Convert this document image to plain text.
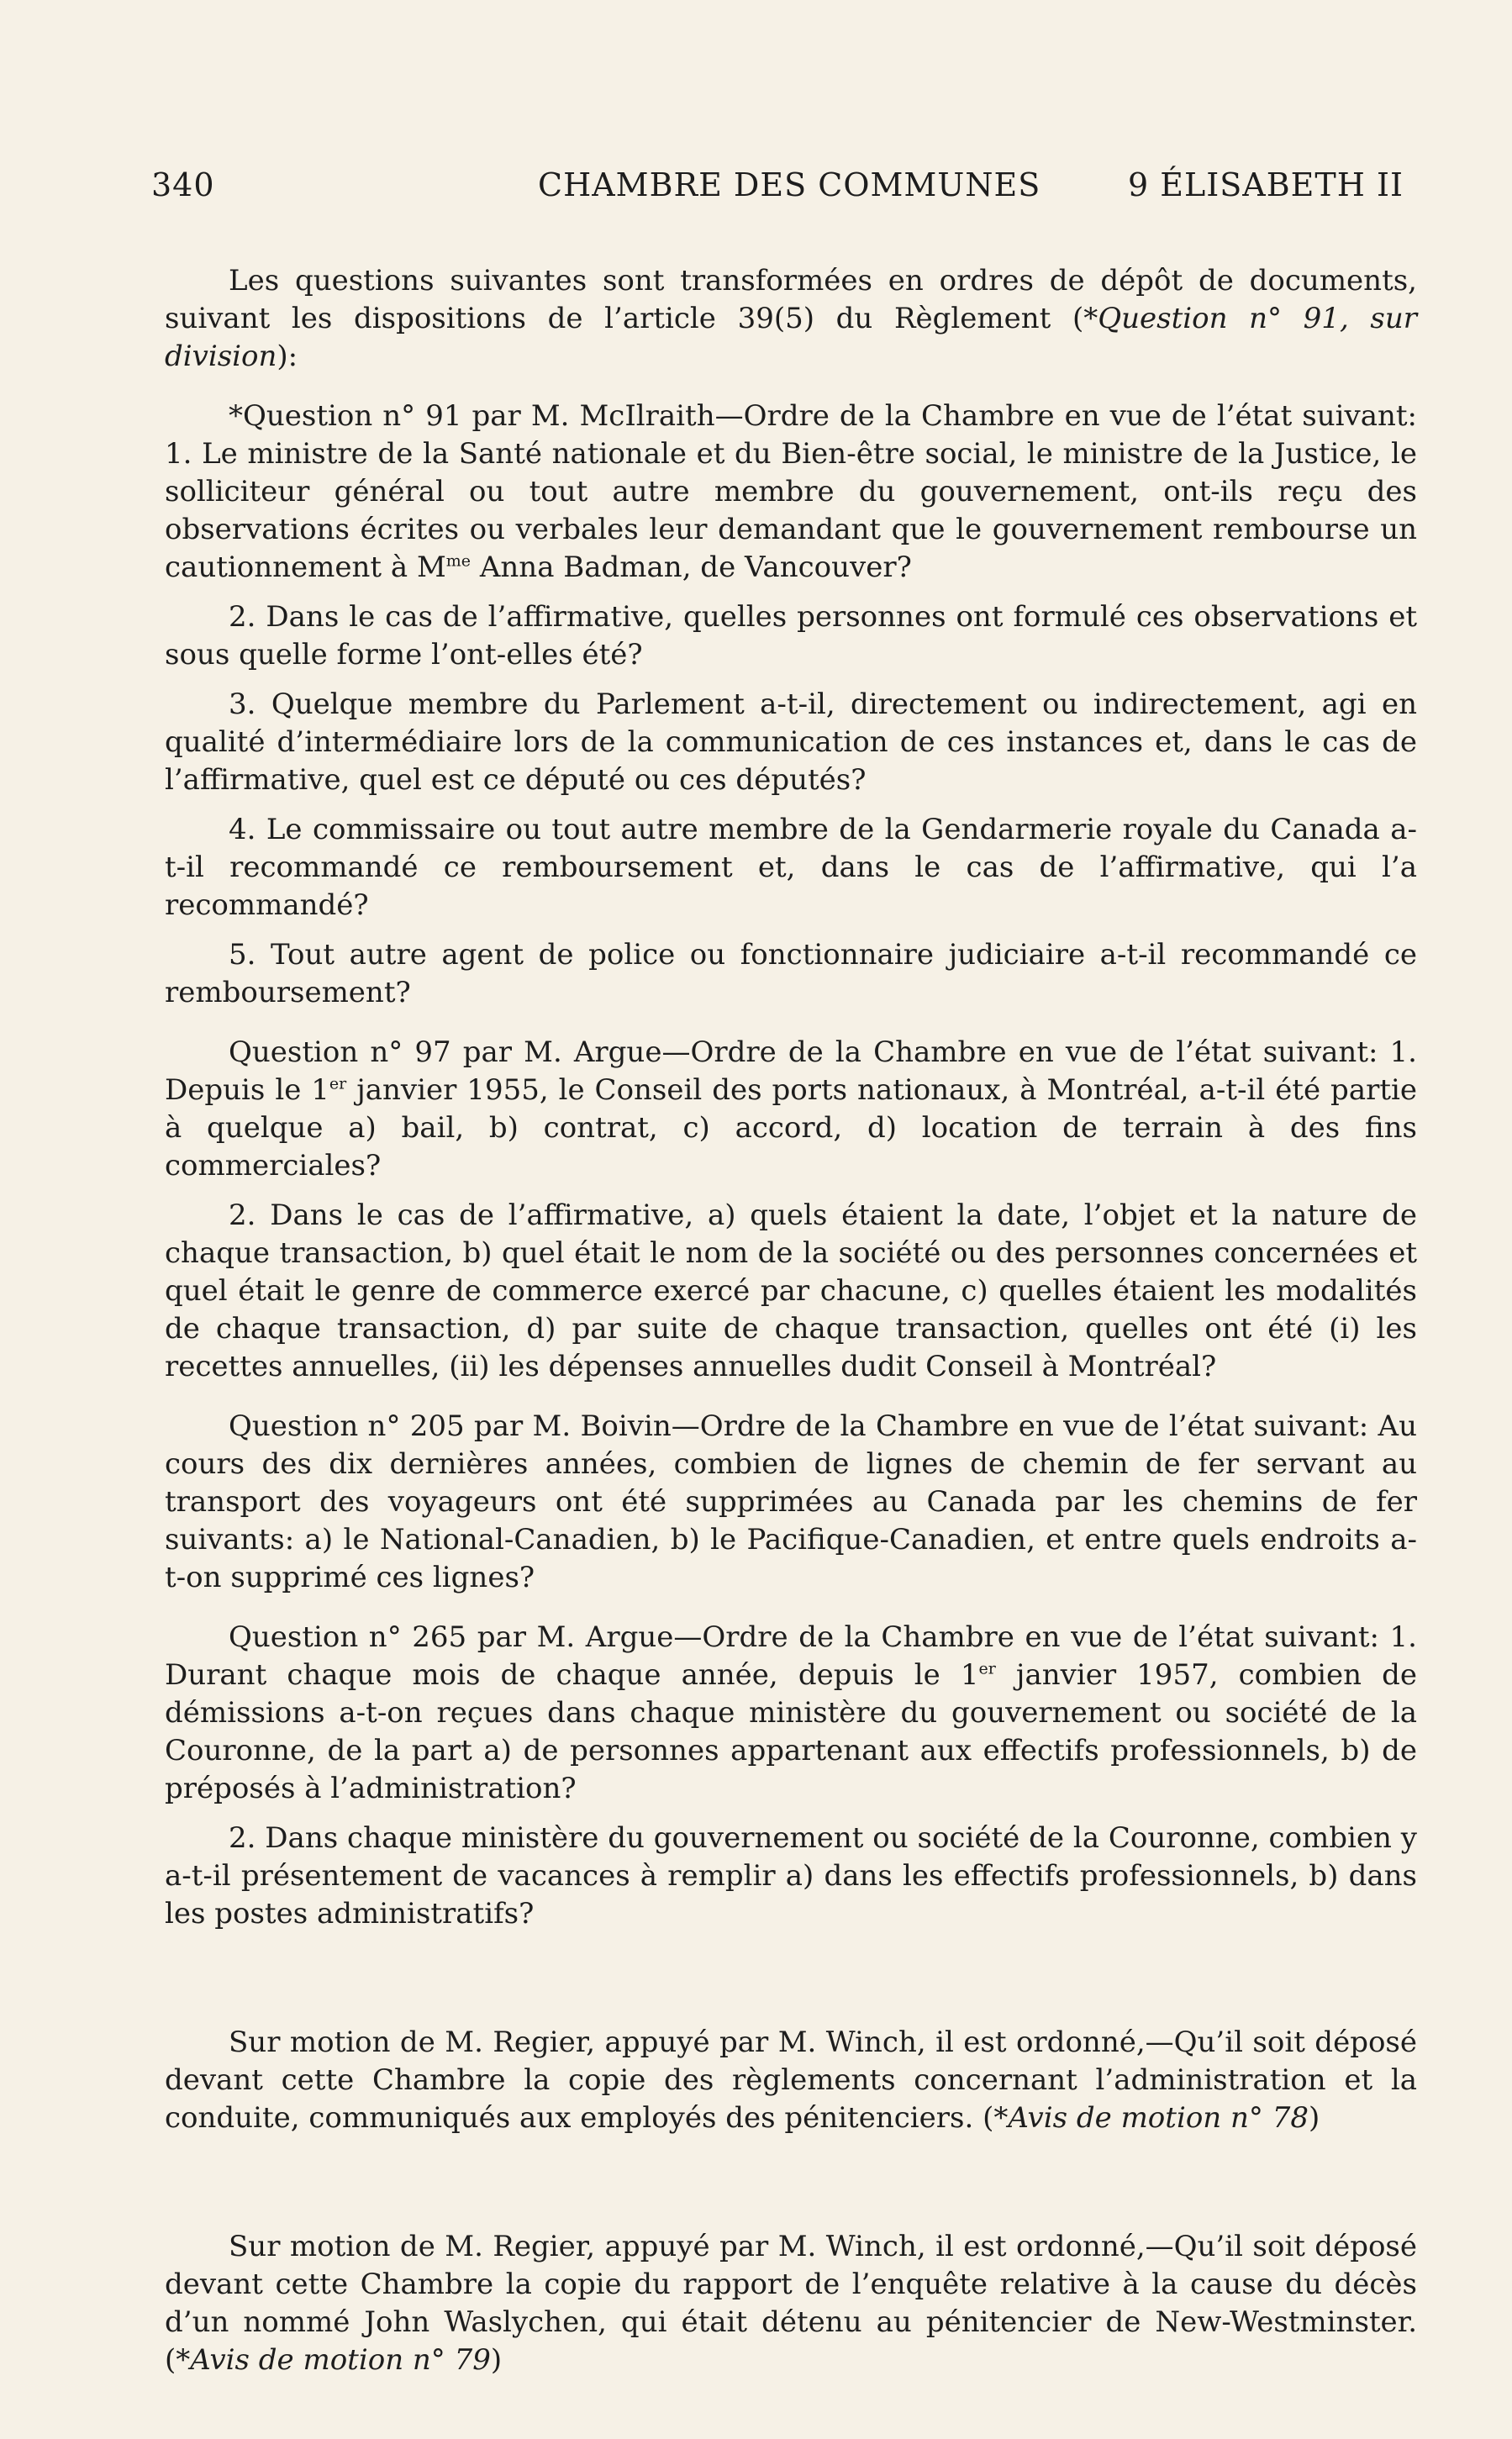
340	CHAMBRE DES COMMUNES	9 ÉLISABETH II

Les questions suivantes sont transformées en ordres de dépôt de documents, suivant les dispositions de l’article 39(5) du Règlement (*Question n° 91, sur division):

*Question n° 91 par M. McIlraith—Ordre de la Chambre en vue de l’état suivant: 1. Le ministre de la Santé nationale et du Bien-être social, le ministre de la Justice, le solliciteur général ou tout autre membre du gouvernement, ont-ils reçu des observations écrites ou verbales leur demandant que le gouvernement rembourse un cautionnement à $M^{me}$ Anna Badman, de Vancouver?

2. Dans le cas de l’affirmative, quelles personnes ont formulé ces observations et sous quelle forme l’ont-elles été?

3. Quelque membre du Parlement a-t-il, directement ou indirectement, agi en qualité d’intermédiaire lors de la communication de ces instances et, dans le cas de l’affirmative, quel est ce député ou ces députés?

4. Le commissaire ou tout autre membre de la Gendarmerie royale du Canada a-t-il recommandé ce remboursement et, dans le cas de l’affirmative, qui l’a recommandé?

5. Tout autre agent de police ou fonctionnaire judiciaire a-t-il recommandé ce remboursement?

Question n° 97 par M. Argue—Ordre de la Chambre en vue de l’état suivant: 1. Depuis le 1er janvier 1955, le Conseil des ports nationaux, à Montréal, a-t-il été partie à quelque a) bail, b) contrat, c) accord, d) location de terrain à des fins commerciales?

2. Dans le cas de l’affirmative, a) quels étaient la date, l’objet et la nature de chaque transaction, b) quel était le nom de la société ou des personnes concernées et quel était le genre de commerce exercé par chacune, c) quelles étaient les modalités de chaque transaction, d) par suite de chaque transaction, quelles ont été (i) les recettes annuelles, (ii) les dépenses annuelles dudit Conseil à Montréal?

Question n° 205 par M. Boivin—Ordre de la Chambre en vue de l’état suivant: Au cours des dix dernières années, combien de lignes de chemin de fer servant au transport des voyageurs ont été supprimées au Canada par les chemins de fer suivants: a) le National-Canadien, b) le Pacifique-Canadien, et entre quels endroits a-t-on supprimé ces lignes?

Question n° 265 par M. Argue—Ordre de la Chambre en vue de l’état suivant: 1. Durant chaque mois de chaque année, depuis le 1er janvier 1957, combien de démissions a-t-on reçues dans chaque ministère du gouvernement ou société de la Couronne, de la part a) de personnes appartenant aux effectifs professionnels, b) de préposés à l’administration?

2. Dans chaque ministère du gouvernement ou société de la Couronne, combien y a-t-il présentement de vacances à remplir a) dans les effectifs professionnels, b) dans les postes administratifs?

Sur motion de M. Regier, appuyé par M. Winch, il est ordonné,—Qu’il soit déposé devant cette Chambre la copie des règlements concernant l’administration et la conduite, communiqués aux employés des pénitenciers. (*Avis de motion n° 78)

Sur motion de M. Regier, appuyé par M. Winch, il est ordonné,—Qu’il soit déposé devant cette Chambre la copie du rapport de l’enquête relative à la cause du décès d’un nommé John Waslychen, qui était détenu au pénitencier de New-Westminster. (*Avis de motion n° 79)
